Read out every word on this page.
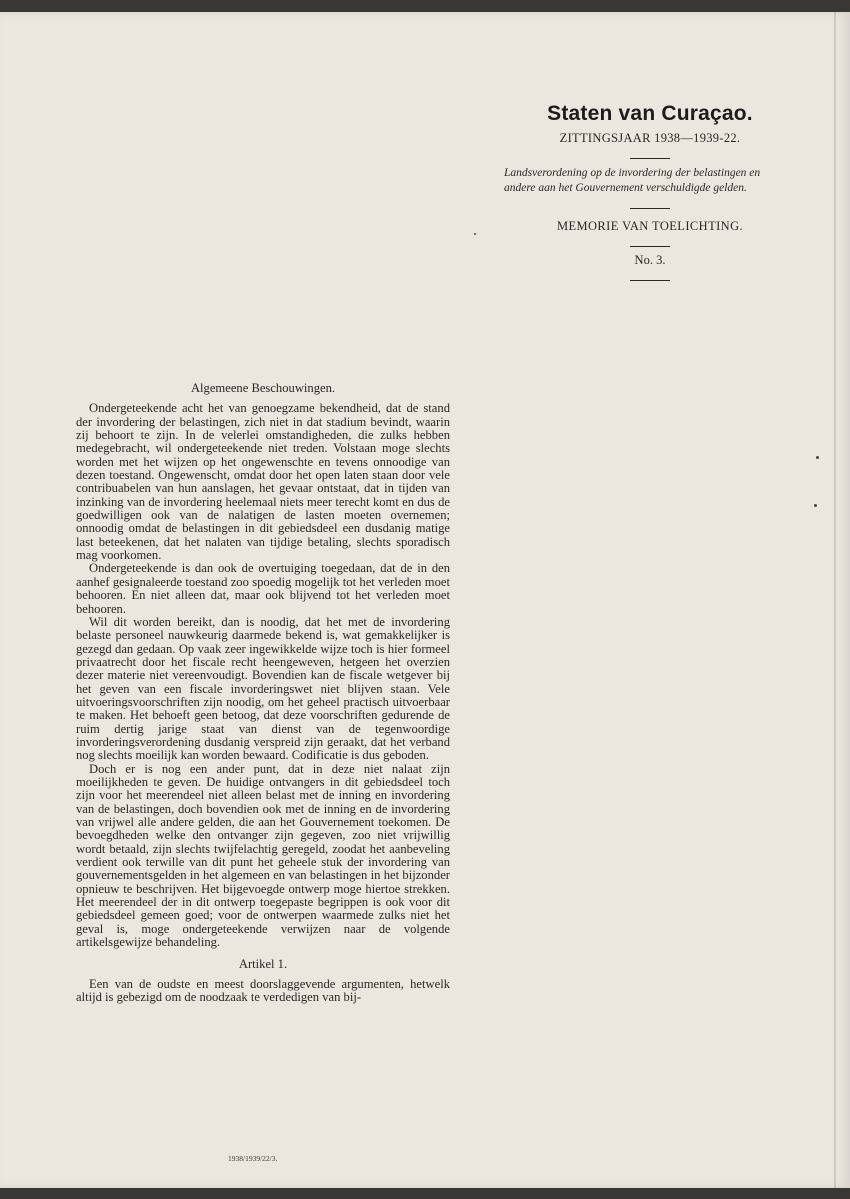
Staten van Curaçao.
ZITTINGSJAAR 1938—1939-22.
Landsverordening op de invordering der belastingen en andere aan het Gouvernement verschuldigde gelden.
MEMORIE VAN TOELICHTING.
No. 3.
Algemeene Beschouwingen.

Ondergeteekende acht het van genoegzame bekendheid, dat de stand der invordering der belastingen, zich niet in dat stadium bevindt, waarin zij behoort te zijn. In de velerlei omstandigheden, die zulks hebben medegebracht, wil ondergeteekende niet treden. Volstaan moge slechts worden met het wijzen op het ongewenschte en tevens onnoodige van dezen toestand. Ongewenscht, omdat door het open laten staan door vele contribuabelen van hun aanslagen, het gevaar ontstaat, dat in tijden van inzinking van de invordering heelemaal niets meer terecht komt en dus de goedwilligen ook van de nalatigen de lasten moeten overnemen; onnoodig omdat de belastingen in dit gebiedsdeel een dusdanig matige last beteekenen, dat het nalaten van tijdige betaling, slechts sporadisch mag voorkomen.

Ondergeteekende is dan ook de overtuiging toegedaan, dat de in den aanhef gesignaleerde toestand zoo spoedig mogelijk tot het verleden moet behooren. En niet alleen dat, maar ook blijvend tot het verleden moet behooren.

Wil dit worden bereikt, dan is noodig, dat het met de invordering belaste personeel nauwkeurig daarmede bekend is, wat gemakkelijker is gezegd dan gedaan. Op vaak zeer ingewikkelde wijze toch is hier formeel privaatrecht door het fiscale recht heengeweven, hetgeen het overzien dezer materie niet vereenvoudigt. Bovendien kan de fiscale wetgever bij het geven van een fiscale invorderingswet niet blijven staan. Vele uitvoeringsvoorschriften zijn noodig, om het geheel practisch uitvoerbaar te maken. Het behoeft geen betoog, dat deze voorschriften gedurende de ruim dertig jarige staat van dienst van de tegenwoordige invorderingsverordening dusdanig verspreid zijn geraakt, dat het verband nog slechts moeilijk kan worden bewaard. Codificatie is dus geboden.

Doch er is nog een ander punt, dat in deze niet nalaat zijn moeilijkheden te geven. De huidige ontvangers in dit gebiedsdeel toch zijn voor het meerendeel niet alleen belast met de inning en invordering van de belastingen, doch bovendien ook met de inning en de invordering van vrijwel alle andere gelden, die aan het Gouvernement toekomen. De bevoegdheden welke den ontvanger zijn gegeven, zoo niet vrijwillig wordt betaald, zijn slechts twijfelachtig geregeld, zoodat het aanbeveling verdient ook terwille van dit punt het geheele stuk der invordering van gouvernementsgelden in het algemeen en van belastingen in het bijzonder opnieuw te beschrijven. Het bijgevoegde ontwerp moge hiertoe strekken. Het meerendeel der in dit ontwerp toegepaste begrippen is ook voor dit gebiedsdeel gemeen goed; voor de ontwerpen waarmede zulks niet het geval is, moge ondergeteekende verwijzen naar de volgende artikelsgewijze behandeling.

Artikel 1.

Een van de oudste en meest doorslaggevende argumenten, hetwelk altijd is gebezigd om de noodzaak te verdedigen van bij-

1938/1939/22/3.
